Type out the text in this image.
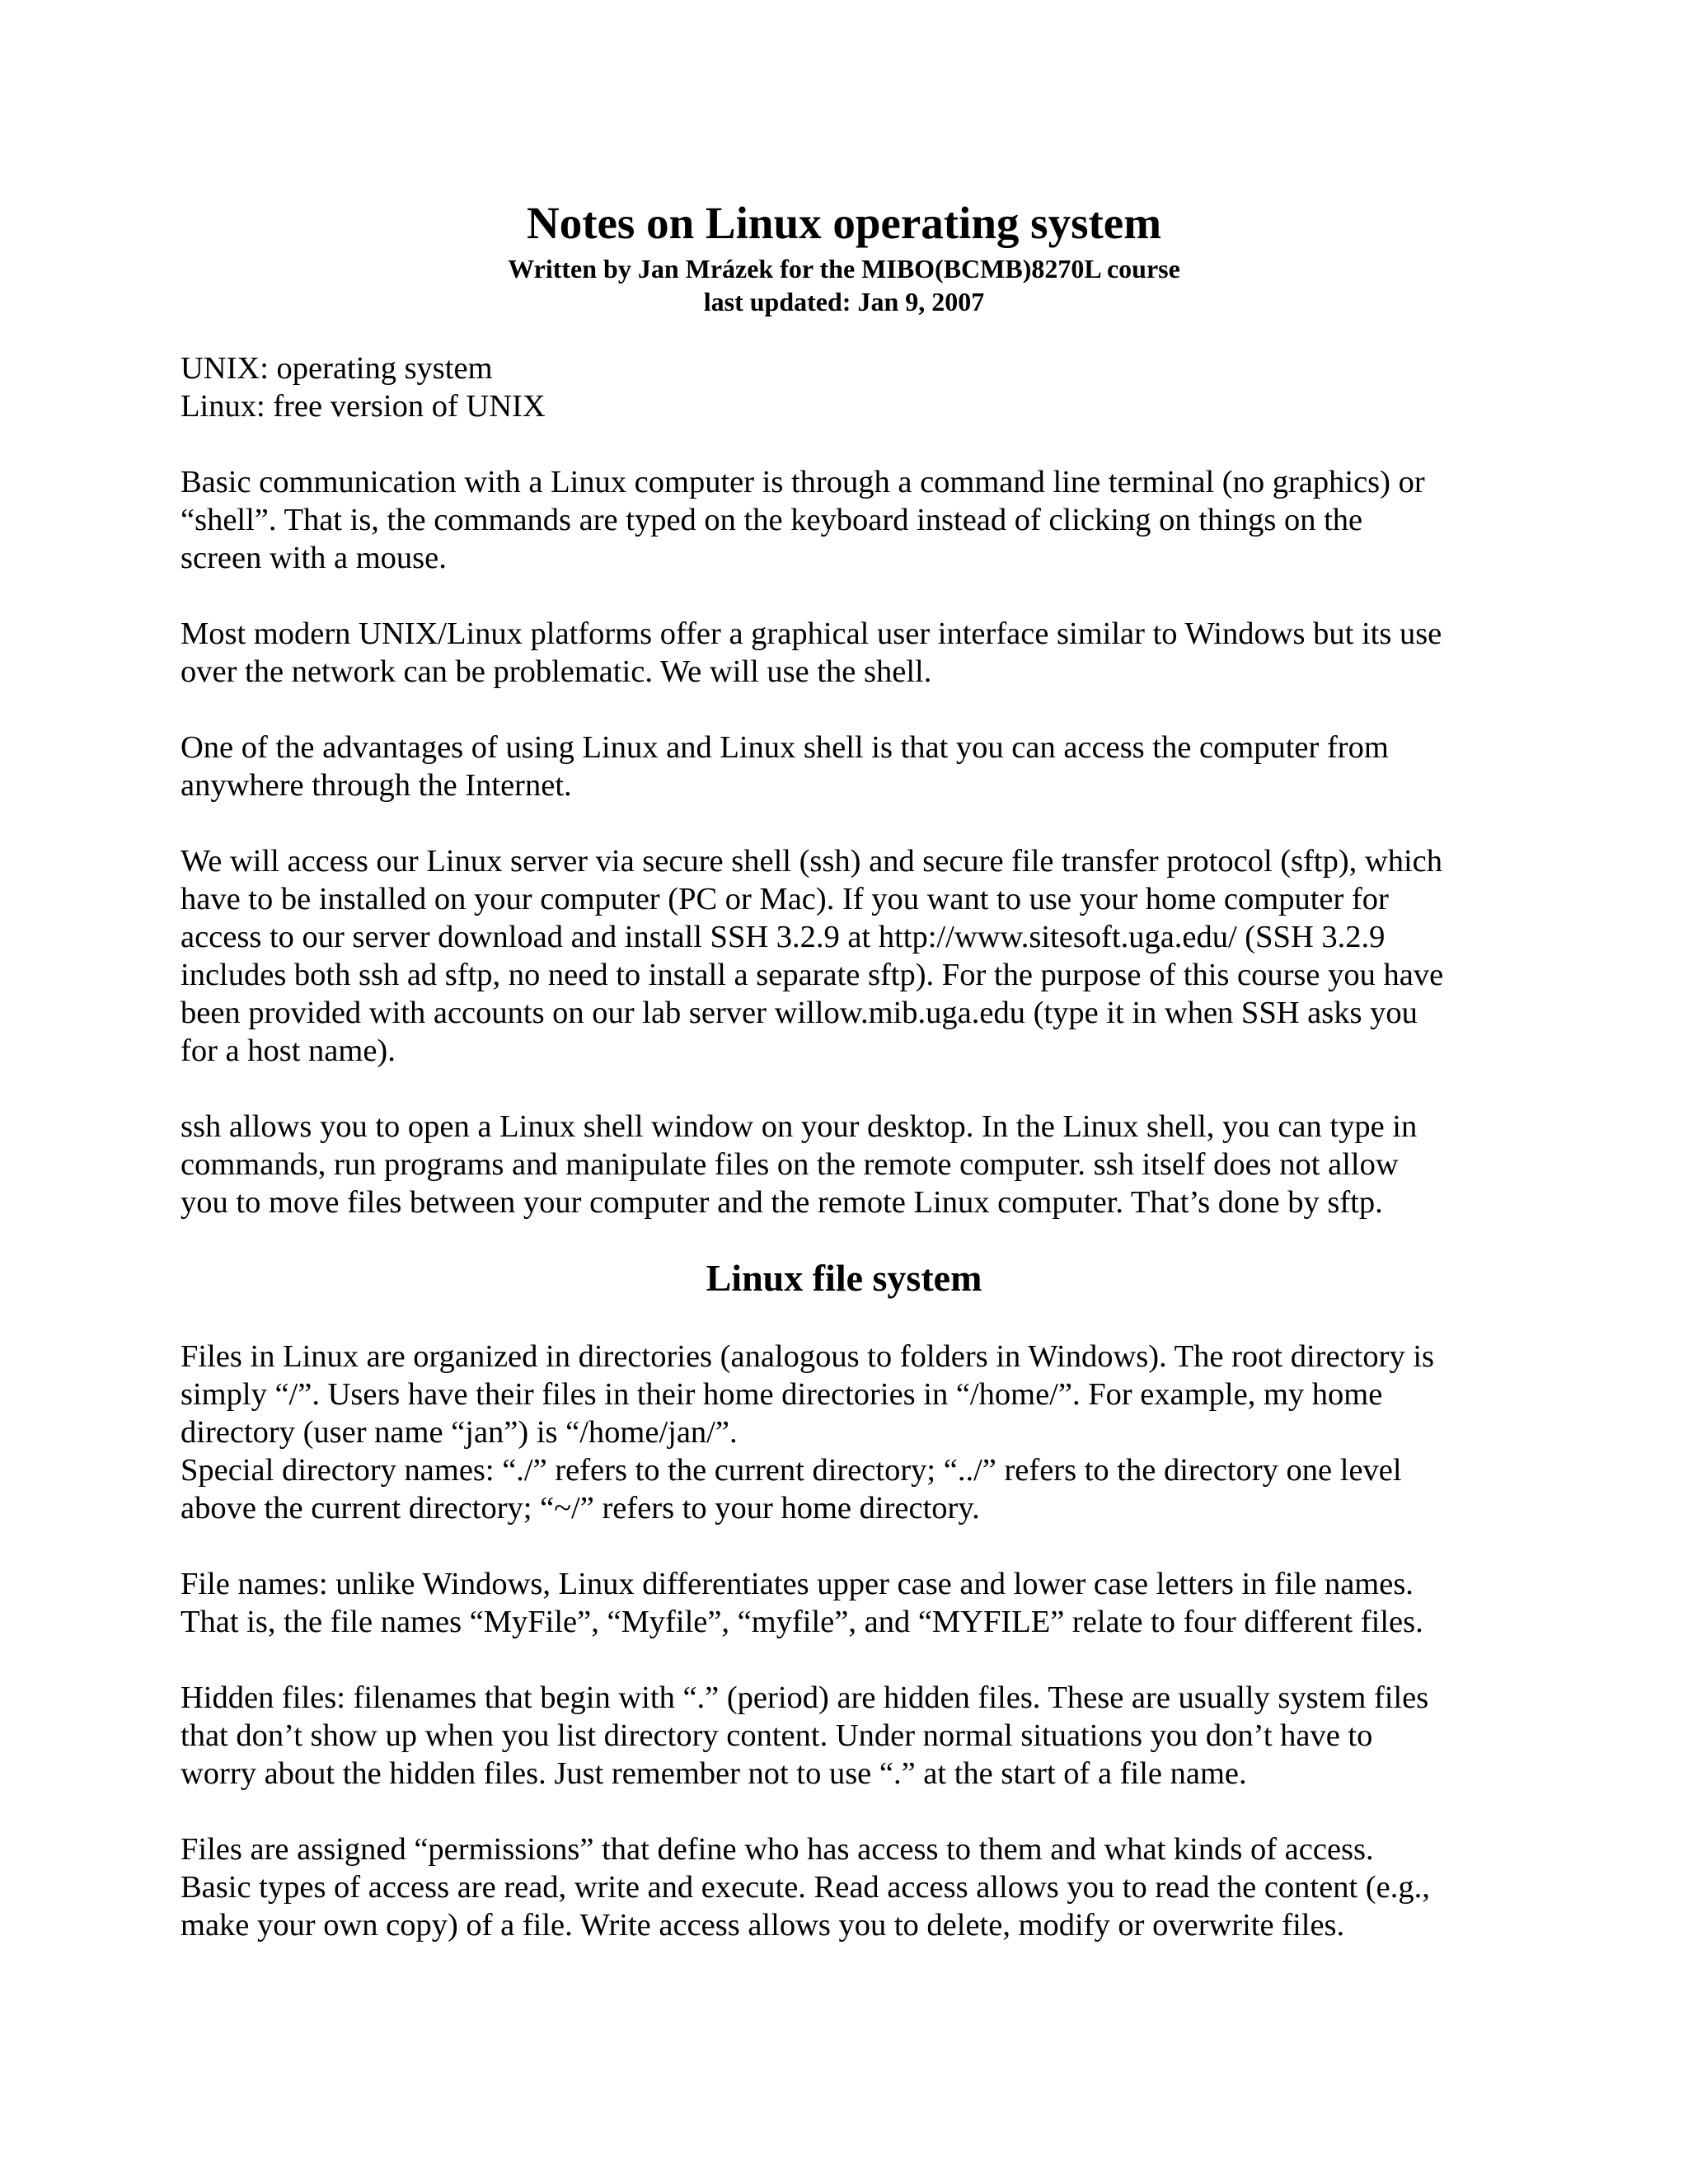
Notes on Linux operating system
Written by Jan Mrázek for the MIBO(BCMB)8270L course
last updated: Jan 9, 2007

UNIX: operating system

Linux: free version of UNIX

Basic communication with a Linux computer is through a command line terminal (no graphics) or

“shell”. That is, the commands are typed on the keyboard instead of clicking on things on the

screen with a mouse.

Most modern UNIX/Linux platforms offer a graphical user interface similar to Windows but its use

over the network can be problematic. We will use the shell.

One of the advantages of using Linux and Linux shell is that you can access the computer from

anywhere through the Internet.

We will access our Linux server via secure shell (ssh) and secure file transfer protocol (sftp), which

have to be installed on your computer (PC or Mac). If you want to use your home computer for

access to our server download and install SSH 3.2.9 at http://www.sitesoft.uga.edu/ (SSH 3.2.9

includes both ssh ad sftp, no need to install a separate sftp). For the purpose of this course you have

been provided with accounts on our lab server willow.mib.uga.edu (type it in when SSH asks you

for a host name).

ssh allows you to open a Linux shell window on your desktop. In the Linux shell, you can type in

commands, run programs and manipulate files on the remote computer. ssh itself does not allow

you to move files between your computer and the remote Linux computer. That’s done by sftp.

Linux file system

Files in Linux are organized in directories (analogous to folders in Windows). The root directory is

simply “/”. Users have their files in their home directories in “/home/”. For example, my home

directory (user name “jan”) is “/home/jan/”.

Special directory names: “./” refers to the current directory; “../” refers to the directory one level

above the current directory; “~/” refers to your home directory.

File names: unlike Windows, Linux differentiates upper case and lower case letters in file names.

That is, the file names “MyFile”, “Myfile”, “myfile”, and “MYFILE” relate to four different files.

Hidden files: filenames that begin with “.” (period) are hidden files. These are usually system files

that don’t show up when you list directory content. Under normal situations you don’t have to

worry about the hidden files. Just remember not to use “.” at the start of a file name.

Files are assigned “permissions” that define who has access to them and what kinds of access.

Basic types of access are read, write and execute. Read access allows you to read the content (e.g.,

make your own copy) of a file. Write access allows you to delete, modify or overwrite files.
